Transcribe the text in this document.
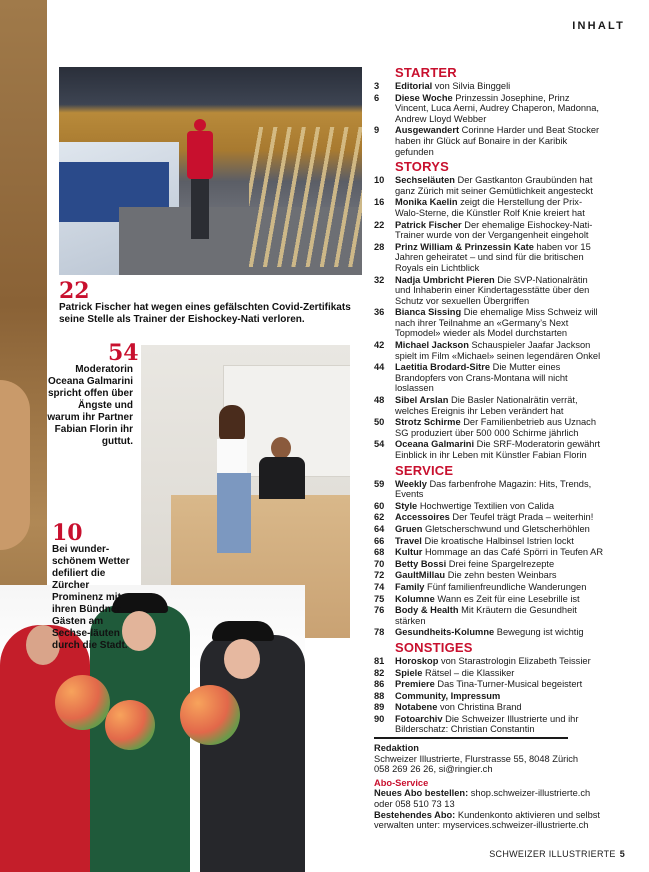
INHALT
22
Patrick Fischer hat wegen eines gefälschten Covid-Zertifikats seine Stelle als Trainer der Eishockey-Nati verloren.
54
Moderatorin Oceana Galmarini spricht offen über Ängste und warum ihr Partner Fabian Florin ihr guttut.
10
Bei wunder-schönem Wetter defiliert die Zürcher Prominenz mit ihren Bündner Gästen am Sechse-läuten durch die Stadt.
STARTER
3 Editorial von Silvia Binggeli
6 Diese Woche Prinzessin Josephine, Prinz Vincent, Luca Aerni, Audrey Chaperon, Madonna, Andrew Lloyd Webber
9 Ausgewandert Corinne Harder und Beat Stocker haben ihr Glück auf Bonaire in der Karibik gefunden
STORYS
10 Sechseläuten Der Gastkanton Graubünden hat ganz Zürich mit seiner Gemütlichkeit angesteckt
16 Monika Kaelin zeigt die Herstellung der Prix-Walo-Sterne, die Künstler Rolf Knie kreiert hat
22 Patrick Fischer Der ehemalige Eishockey-Nati-Trainer wurde von der Vergangenheit eingeholt
28 Prinz William & Prinzessin Kate haben vor 15 Jahren geheiratet – und sind für die britischen Royals ein Lichtblick
32 Nadja Umbricht Pieren Die SVP-Nationalrätin und Inhaberin einer Kindertagesstätte über den Schutz vor sexuellen Übergriffen
36 Bianca Sissing Die ehemalige Miss Schweiz will nach ihrer Teilnahme an «Germany’s Next Topmodel» wieder als Model durchstarten
42 Michael Jackson Schauspieler Jaafar Jackson spielt im Film «Michael» seinen legendären Onkel
44 Laetitia Brodard-Sitre Die Mutter eines Brandopfers von Crans-Montana will nicht loslassen
48 Sibel Arslan Die Basler Nationalrätin verrät, welches Ereignis ihr Leben verändert hat
50 Strotz Schirme Der Familienbetrieb aus Uznach SG produziert über 500 000 Schirme jährlich
54 Oceana Galmarini Die SRF-Moderatorin gewährt Einblick in ihr Leben mit Künstler Fabian Florin
SERVICE
59 Weekly Das farbenfrohe Magazin: Hits, Trends, Events
60 Style Hochwertige Textilien von Calida
62 Accessoires Der Teufel trägt Prada – weiterhin!
64 Gruen Gletscherschwund und Gletscherhöhlen
66 Travel Die kroatische Halbinsel Istrien lockt
68 Kultur Hommage an das Café Spörri in Teufen AR
70 Betty Bossi Drei feine Spargelrezepte
72 GaultMillau Die zehn besten Weinbars
74 Family Fünf familienfreundliche Wanderungen
75 Kolumne Wann es Zeit für eine Lesebrille ist
76 Body & Health Mit Kräutern die Gesundheit stärken
78 Gesundheits-Kolumne Bewegung ist wichtig
SONSTIGES
81 Horoskop von Starastrologin Elizabeth Teissier
82 Spiele Rätsel – die Klassiker
86 Premiere Das Tina-Turner-Musical begeistert
88 Community, Impressum
89 Notabene von Christina Brand
90 Fotoarchiv Die Schweizer Illustrierte und ihr Bilderschatz: Christian Constantin
Redaktion
Schweizer Illustrierte, Flurstrasse 55, 8048 Zürich
058 269 26 26, si@ringier.ch
Abo-Service
Neues Abo bestellen: shop.schweizer-illustrierte.ch
oder 058 510 73 13
Bestehendes Abo: Kundenkonto aktivieren und selbst verwalten unter: myservices.schweizer-illustrierte.ch
SCHWEIZER ILLUSTRIERTE 5
